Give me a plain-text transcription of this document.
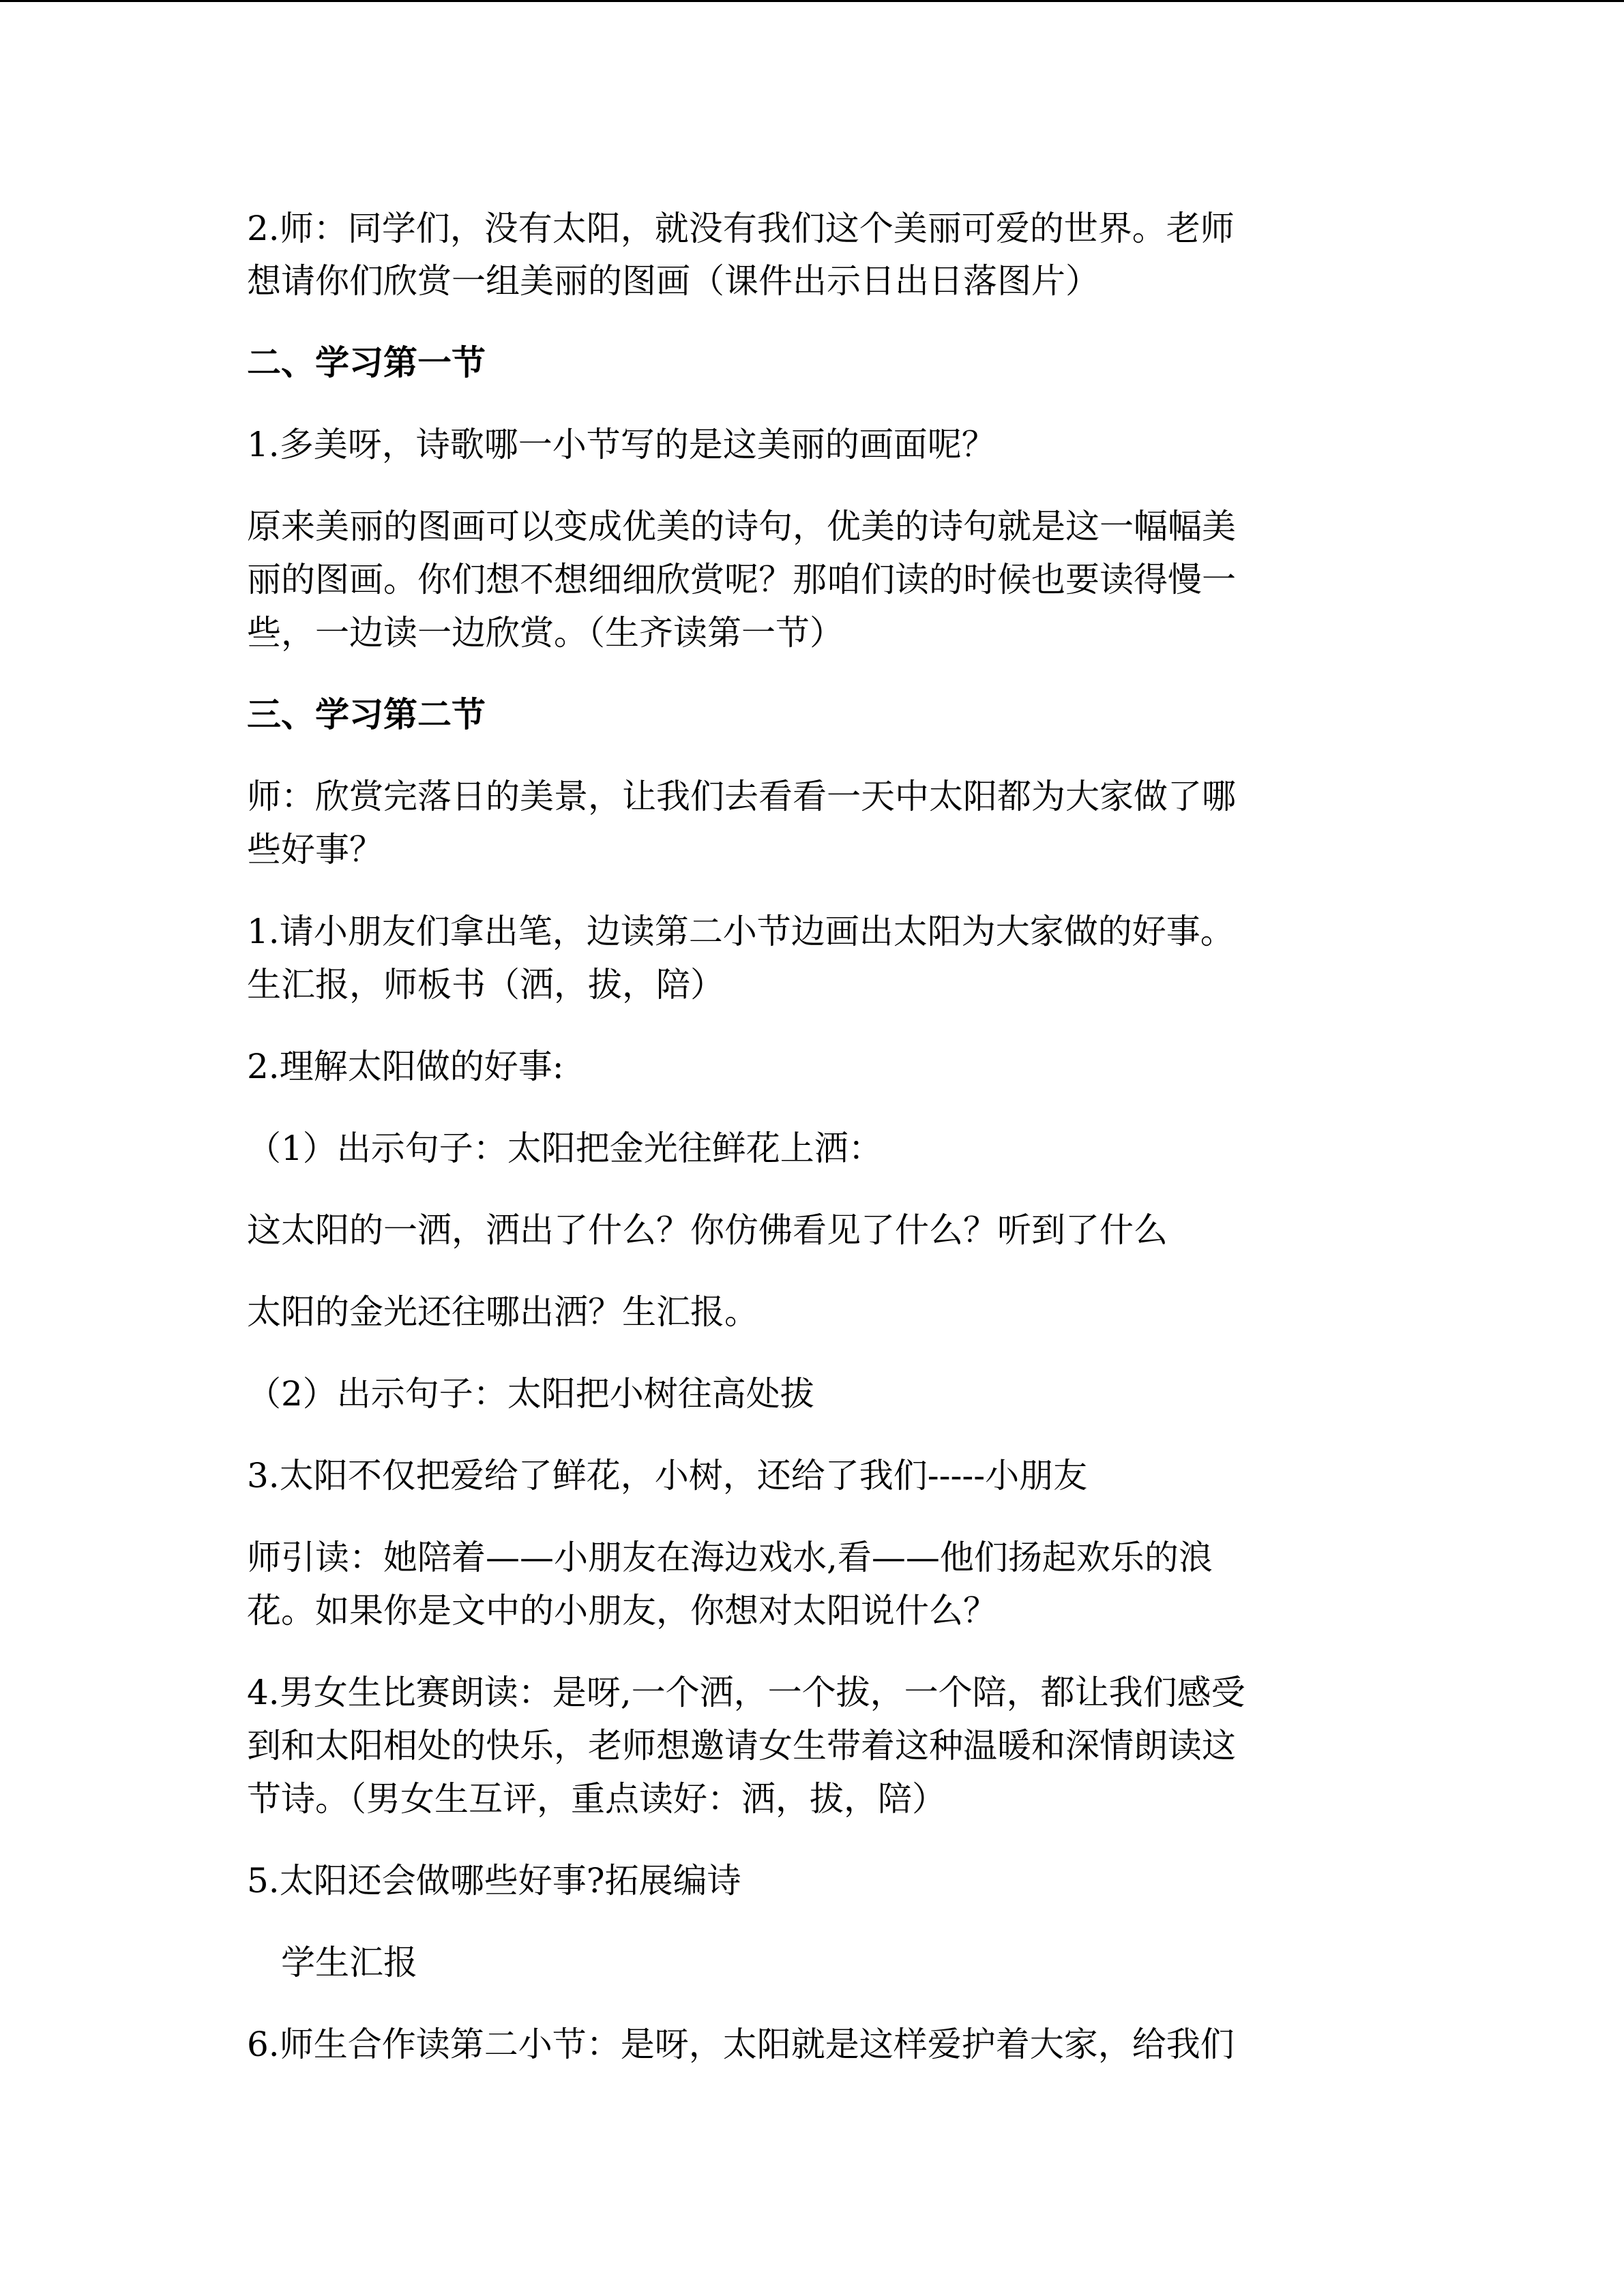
2.师：同学们，没有太阳，就没有我们这个美丽可爱的世界。老师
想请你们欣赏一组美丽的图画（课件出示日出日落图片）
二、学习第一节
1.多美呀，诗歌哪一小节写的是这美丽的画面呢？
原来美丽的图画可以变成优美的诗句，优美的诗句就是这一幅幅美
丽的图画。你们想不想细细欣赏呢？那咱们读的时候也要读得慢一
些，一边读一边欣赏。（生齐读第一节）
三、学习第二节
师：欣赏完落日的美景，让我们去看看一天中太阳都为大家做了哪
些好事？
1.请小朋友们拿出笔，边读第二小节边画出太阳为大家做的好事。
生汇报，师板书（洒，拔，陪）
2.理解太阳做的好事:
（1）出示句子：太阳把金光往鲜花上洒：
这太阳的一洒，洒出了什么？你仿佛看见了什么？听到了什么
太阳的金光还往哪出洒？生汇报。
（2）出示句子：太阳把小树往高处拔
3.太阳不仅把爱给了鲜花，小树，还给了我们-----小朋友
师引读：她陪着——小朋友在海边戏水,看——他们扬起欢乐的浪
花。如果你是文中的小朋友，你想对太阳说什么？
4.男女生比赛朗读：是呀,一个洒，一个拔，一个陪，都让我们感受
到和太阳相处的快乐，老师想邀请女生带着这种温暖和深情朗读这
节诗。（男女生互评，重点读好：洒，拔，陪）
5.太阳还会做哪些好事?拓展编诗
　学生汇报
6.师生合作读第二小节：是呀，太阳就是这样爱护着大家，给我们
